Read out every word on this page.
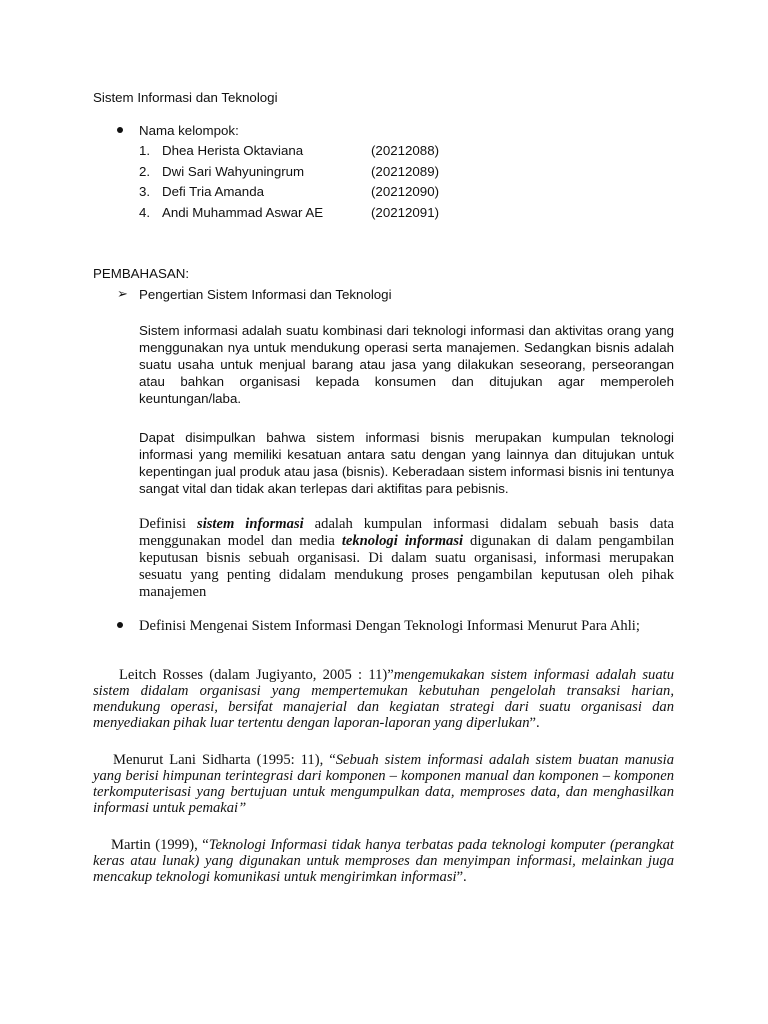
Sistem Informasi dan Teknologi
Nama kelompok:
1. Dhea Herista Oktaviana	(20212088)
2. Dwi Sari Wahyuningrum	(20212089)
3. Defi Tria Amanda	(20212090)
4. Andi Muhammad Aswar AE	(20212091)
PEMBAHASAN:
➢ Pengertian Sistem Informasi dan Teknologi

Sistem informasi adalah suatu kombinasi dari teknologi informasi dan aktivitas orang yang menggunakan nya untuk mendukung operasi serta manajemen. Sedangkan bisnis adalah suatu usaha untuk menjual barang atau jasa yang dilakukan seseorang, perseorangan atau bahkan organisasi kepada konsumen dan ditujukan agar memperoleh keuntungan/laba.

Dapat disimpulkan bahwa sistem informasi bisnis merupakan kumpulan teknologi informasi yang memiliki kesatuan antara satu dengan yang lainnya dan ditujukan untuk kepentingan jual produk atau jasa (bisnis). Keberadaan sistem informasi bisnis ini tentunya sangat vital dan tidak akan terlepas dari aktifitas para pebisnis.

Definisi sistem informasi adalah kumpulan informasi didalam sebuah basis data menggunakan model dan media teknologi informasi digunakan di dalam pengambilan keputusan bisnis sebuah organisasi. Di dalam suatu organisasi, informasi merupakan sesuatu yang penting didalam mendukung proses pengambilan keputusan oleh pihak manajemen

Definisi Mengenai Sistem Informasi Dengan Teknologi Informasi Menurut Para Ahli;
Leitch Rosses (dalam Jugiyanto, 2005 : 11)”mengemukakan sistem informasi adalah suatu sistem didalam organisasi yang mempertemukan kebutuhan pengelolah transaksi harian, mendukung operasi, bersifat manajerial dan kegiatan strategi dari suatu organisasi dan menyediakan pihak luar tertentu dengan laporan-laporan yang diperlukan”.
Menurut Lani Sidharta (1995: 11), “Sebuah sistem informasi adalah sistem buatan manusia yang berisi himpunan terintegrasi dari komponen – komponen manual dan komponen – komponen terkomputerisasi yang bertujuan untuk mengumpulkan data, memproses data, dan menghasilkan informasi untuk pemakai”
Martin (1999), “Teknologi Informasi tidak hanya terbatas pada teknologi komputer (perangkat keras atau lunak) yang digunakan untuk memproses dan menyimpan informasi, melainkan juga mencakup teknologi komunikasi untuk mengirimkan informasi”.
